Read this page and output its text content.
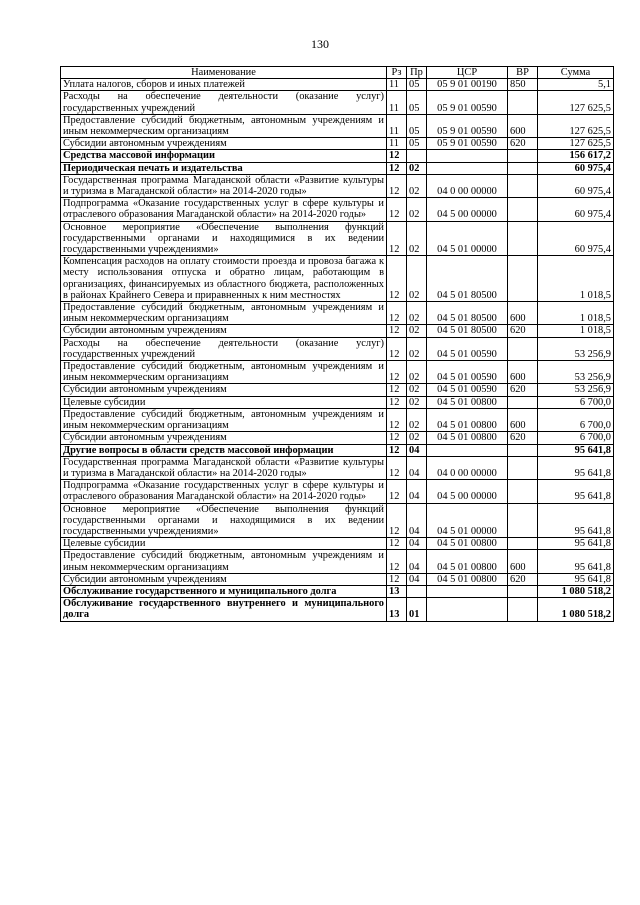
130
Наименование	Рз	Пр	ЦСР	ВР	Сумма
Уплата налогов, сборов и иных платежей	11	05	05 9 01 00190	850	5,1
Расходы на обеспечение деятельности (оказание услуг) государственных учреждений	11	05	05 9 01 00590		127 625,5
Предоставление субсидий бюджетным, автономным учреждениям и иным некоммерческим организациям	11	05	05 9 01 00590	600	127 625,5
Субсидии автономным учреждениям	11	05	05 9 01 00590	620	127 625,5
Средства массовой информации	12				156 617,2
Периодическая печать и издательства	12	02			60 975,4
Государственная программа Магаданской области «Развитие культуры и туризма в Магаданской области» на 2014-2020 годы»	12	02	04 0 00 00000		60 975,4
Подпрограмма «Оказание государственных услуг в сфере культуры и отраслевого образования Магаданской области» на 2014-2020 годы»	12	02	04 5 00 00000		60 975,4
Основное мероприятие «Обеспечение выполнения функций государственными органами и находящимися в их ведении государственными учреждениями»	12	02	04 5 01 00000		60 975,4
Компенсация расходов на оплату стоимости проезда и провоза багажа к месту использования отпуска и обратно лицам, работающим в организациях, финансируемых из областного бюджета, расположенных в районах Крайнего Севера и приравненных к ним местностях	12	02	04 5 01 80500		1 018,5
Предоставление субсидий бюджетным, автономным учреждениям и иным некоммерческим организациям	12	02	04 5 01 80500	600	1 018,5
Субсидии автономным учреждениям	12	02	04 5 01 80500	620	1 018,5
Расходы на обеспечение деятельности (оказание услуг) государственных учреждений	12	02	04 5 01 00590		53 256,9
Предоставление субсидий бюджетным, автономным учреждениям и иным некоммерческим организациям	12	02	04 5 01 00590	600	53 256,9
Субсидии автономным учреждениям	12	02	04 5 01 00590	620	53 256,9
Целевые субсидии	12	02	04 5 01 00800		6 700,0
Предоставление субсидий бюджетным, автономным учреждениям и иным некоммерческим организациям	12	02	04 5 01 00800	600	6 700,0
Субсидии автономным учреждениям	12	02	04 5 01 00800	620	6 700,0
Другие вопросы в области средств массовой информации	12	04			95 641,8
Государственная программа Магаданской области «Развитие культуры и туризма в Магаданской области» на 2014-2020 годы»	12	04	04 0 00 00000		95 641,8
Подпрограмма «Оказание государственных услуг в сфере культуры и отраслевого образования Магаданской области» на 2014-2020 годы»	12	04	04 5 00 00000		95 641,8
Основное мероприятие «Обеспечение выполнения функций государственными органами и находящимися в их ведении государственными учреждениями»	12	04	04 5 01 00000		95 641,8
Целевые субсидии	12	04	04 5 01 00800		95 641,8
Предоставление субсидий бюджетным, автономным учреждениям и иным некоммерческим организациям	12	04	04 5 01 00800	600	95 641,8
Субсидии автономным учреждениям	12	04	04 5 01 00800	620	95 641,8
Обслуживание государственного и муниципального долга	13				1 080 518,2
Обслуживание государственного внутреннего и муниципального долга	13	01			1 080 518,2
